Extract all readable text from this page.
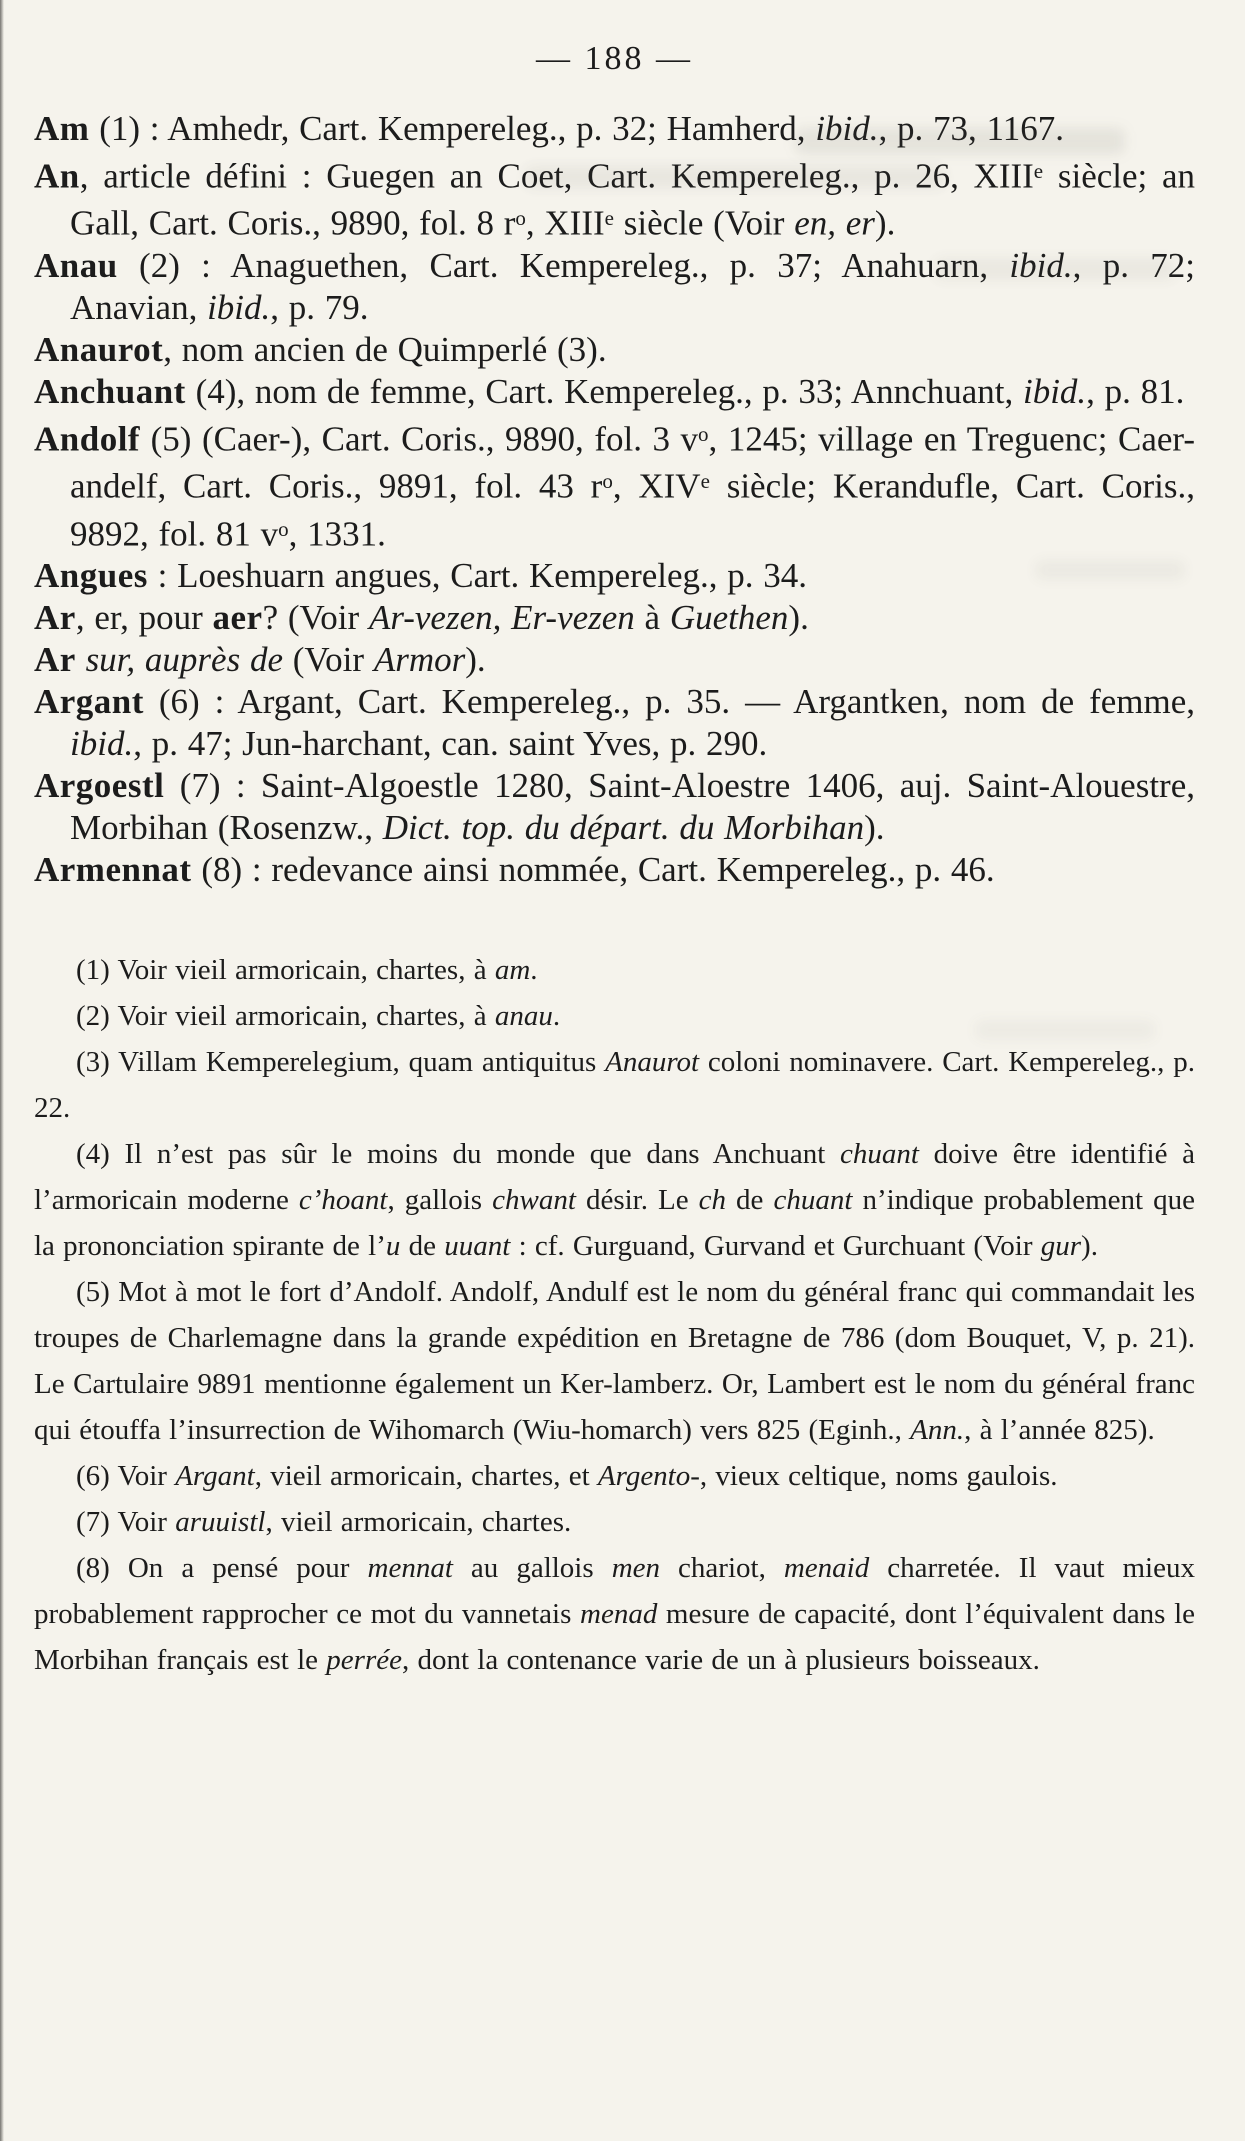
— 188 —

Am (1) : Amhedr, Cart. Kempereleg., p. 32; Hamherd, ibid., p. 73, 1167.

An, article défini : Guegen an Coet, Cart. Kempereleg., p. 26, XIIIe siècle; an Gall, Cart. Coris., 9890, fol. 8 $r^o$, XIIIe siècle (Voir en, er).

Anau (2) : Anaguethen, Cart. Kempereleg., p. 37; Anahuarn, ibid., p. 72; Anavian, ibid., p. 79.

Anaurot, nom ancien de Quimperlé (3).

Anchuant (4), nom de femme, Cart. Kempereleg., p. 33; Annchuant, ibid., p. 81.

Andolf (5) (Caer-), Cart. Coris., 9890, fol. 3 $v^o$, 1245; village en Treguenc; Caer-andelf, Cart. Coris., 9891, fol. 43 $r^o$, XIVe siècle; Kerandufle, Cart. Coris., 9892, fol. 81 $v^o$, 1331.

Angues : Loeshuarn angues, Cart. Kempereleg., p. 34.

Ar, er, pour aer? (Voir Ar-vezen, Er-vezen à Guethen).

Ar sur, auprès de (Voir Armor).

Argant (6) : Argant, Cart. Kempereleg., p. 35. — Argantken, nom de femme, ibid., p. 47; Jun-harchant, can. saint Yves, p. 290.

Argoestl (7) : Saint-Algoestle 1280, Saint-Aloestre 1406, auj. Saint-Alouestre, Morbihan (Rosenzw., Dict. top. du départ. du Morbihan).

Armennat (8) : redevance ainsi nommée, Cart. Kempereleg., p. 46.

(1) Voir vieil armoricain, chartes, à am.

(2) Voir vieil armoricain, chartes, à anau.

(3) Villam Kemperelegium, quam antiquitus Anaurot coloni nominavere. Cart. Kempereleg., p. 22.

(4) Il n’est pas sûr le moins du monde que dans Anchuant chuant doive être identifié à l’armoricain moderne c’hoant, gallois chwant désir. Le ch de chuant n’indique probablement que la prononciation spirante de l’u de uuant : cf. Gurguand, Gurvand et Gurchuant (Voir gur).

(5) Mot à mot le fort d’Andolf. Andolf, Andulf est le nom du général franc qui commandait les troupes de Charlemagne dans la grande expédition en Bretagne de 786 (dom Bouquet, V, p. 21). Le Cartulaire 9891 mentionne également un Ker-lamberz. Or, Lambert est le nom du général franc qui étouffa l’insurrection de Wihomarch (Wiu-homarch) vers 825 (Eginh., Ann., à l’année 825).

(6) Voir Argant, vieil armoricain, chartes, et Argento-, vieux celtique, noms gaulois.

(7) Voir aruuistl, vieil armoricain, chartes.

(8) On a pensé pour mennat au gallois men chariot, menaid charretée. Il vaut mieux probablement rapprocher ce mot du vannetais menad mesure de capacité, dont l’équivalent dans le Morbihan français est le perrée, dont la contenance varie de un à plusieurs boisseaux.
